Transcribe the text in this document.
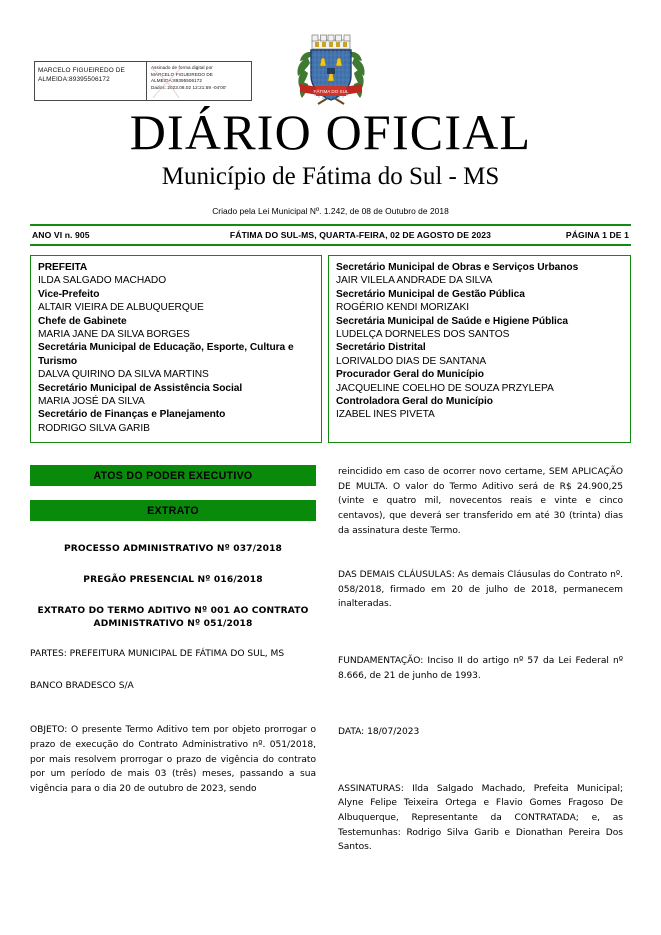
MARCELO FIGUEIREDO DE ALMEIDA:89395506172
Assinado de forma digital por
MARCELO FIGUEIREDO DE
ALMEIDA:89395506172
Dados: 2023.08.02 12:21:59 -04'00'
FÁTIMA DO SUL
DIÁRIO OFICIAL
Município de Fátima do Sul - MS
Criado pela Lei Municipal Nº. 1.242, de 08 de Outubro de 2018
ANO VI n. 905	FÁTIMA DO SUL-MS, QUARTA-FEIRA, 02 DE AGOSTO DE 2023	PÁGINA 1 DE 1
PREFEITA
ILDA SALGADO MACHADO
Vice-Prefeito
ALTAIR VIEIRA DE ALBUQUERQUE
Chefe de Gabinete
MARIA JANE DA SILVA BORGES
Secretária Municipal de Educação, Esporte, Cultura e Turismo
DALVA QUIRINO DA SILVA MARTINS
Secretário Municipal de Assistência Social
MARIA JOSÉ DA SILVA
Secretário de Finanças e Planejamento
RODRIGO SILVA GARIB
Secretário Municipal de Obras e Serviços Urbanos
JAIR VILELA ANDRADE DA SILVA
Secretário Municipal de Gestão Pública
ROGÉRIO KENDI MORIZAKI
Secretária Municipal de Saúde e Higiene Pública
LUDELÇA DORNELES DOS SANTOS
Secretário Distrital
LORIVALDO DIAS DE SANTANA
Procurador Geral do Município
JACQUELINE COELHO DE SOUZA PRZYLEPA
Controladora Geral do Município
IZABEL INES PIVETA
ATOS DO PODER EXECUTIVO
EXTRATO
PROCESSO ADMINISTRATIVO Nº 037/2018
PREGÃO PRESENCIAL Nº 016/2018
EXTRATO DO TERMO ADITIVO Nº 001 AO CONTRATO ADMINISTRATIVO Nº 051/2018

PARTES: PREFEITURA MUNICIPAL DE FÁTIMA DO SUL, MS

BANCO BRADESCO S/A

OBJETO: O presente Termo Aditivo tem por objeto prorrogar o prazo de execução do Contrato Administrativo nº. 051/2018, por mais resolvem prorrogar o prazo de vigência do contrato por um período de mais 03 (três) meses, passando a sua vigência para o dia 20 de outubro de 2023, sendo

reincidido em caso de ocorrer novo certame, SEM APLICAÇÃO DE MULTA. O valor do Termo Aditivo será de R$ 24.900,25 (vinte e quatro mil, novecentos reais e vinte e cinco centavos), que deverá ser transferido em até 30 (trinta) dias da assinatura deste Termo.

DAS DEMAIS CLÁUSULAS: As demais Cláusulas do Contrato nº. 058/2018, firmado em 20 de julho de 2018, permanecem inalteradas.

FUNDAMENTAÇÃO: Inciso II do artigo nº 57 da Lei Federal nº 8.666, de 21 de junho de 1993.

DATA: 18/07/2023

ASSINATURAS: Ilda Salgado Machado, Prefeita Municipal; Alyne Felipe Teixeira Ortega e Flavio Gomes Fragoso De Albuquerque, Representante da CONTRATADA; e, as Testemunhas: Rodrigo Silva Garib e Dionathan Pereira Dos Santos.
